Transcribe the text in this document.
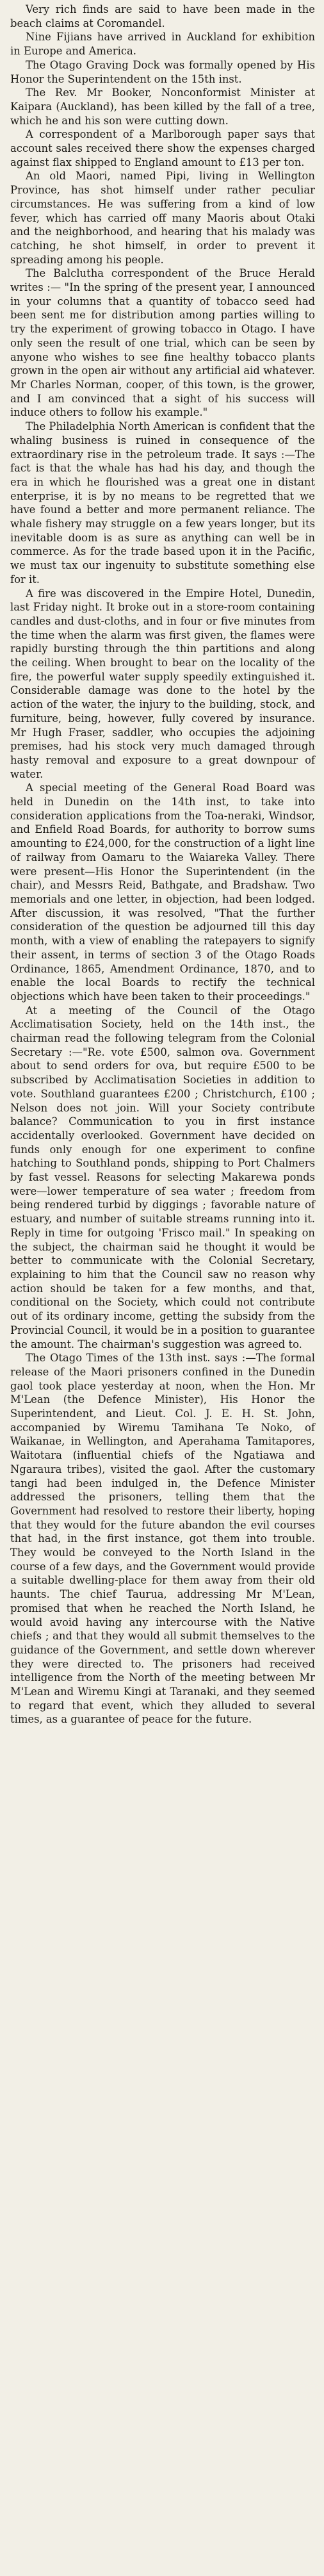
Very rich finds are said to have been made in the beach claims at Coromandel.

Nine Fijians have arrived in Auckland for exhibition in Europe and America.

The Otago Graving Dock was formally opened by His Honor the Superintendent on the 15th inst.

The Rev. Mr Booker, Nonconformist Minister at Kaipara (Auckland), has been killed by the fall of a tree, which he and his son were cutting down.

A correspondent of a Marlborough paper says that account sales received there show the expenses charged against flax shipped to England amount to £13 per ton.

An old Maori, named Pipi, living in Wellington Province, has shot himself under rather peculiar circumstances. He was suffering from a kind of low fever, which has carried off many Maoris about Otaki and the neighborhood, and hearing that his malady was catching, he shot himself, in order to prevent it spreading among his people.

The Balclutha correspondent of the Bruce Herald writes :— "In the spring of the present year, I announced in your columns that a quantity of tobacco seed had been sent me for distribution among parties willing to try the experiment of growing tobacco in Otago. I have only seen the result of one trial, which can be seen by anyone who wishes to see fine healthy tobacco plants grown in the open air without any artificial aid whatever. Mr Charles Norman, cooper, of this town, is the grower, and I am convinced that a sight of his success will induce others to follow his example."

The Philadelphia North American is confident that the whaling business is ruined in consequence of the extraordinary rise in the petroleum trade. It says :—The fact is that the whale has had his day, and though the era in which he flourished was a great one in distant enterprise, it is by no means to be regretted that we have found a better and more permanent reliance. The whale fishery may struggle on a few years longer, but its inevitable doom is as sure as anything can well be in commerce. As for the trade based upon it in the Pacific, we must tax our ingenuity to substitute something else for it.

A fire was discovered in the Empire Hotel, Dunedin, last Friday night. It broke out in a store-room containing candles and dust-cloths, and in four or five minutes from the time when the alarm was first given, the flames were rapidly bursting through the thin partitions and along the ceiling. When brought to bear on the locality of the fire, the powerful water supply speedily extinguished it. Considerable damage was done to the hotel by the action of the water, the injury to the building, stock, and furniture, being, however, fully covered by insurance. Mr Hugh Fraser, saddler, who occupies the adjoining premises, had his stock very much damaged through hasty removal and exposure to a great downpour of water.

A special meeting of the General Road Board was held in Dunedin on the 14th inst, to take into consideration applications from the Toa-neraki, Windsor, and Enfield Road Boards, for authority to borrow sums amounting to £24,000, for the construction of a light line of railway from Oamaru to the Waiareka Valley. There were present—His Honor the Superintendent (in the chair), and Messrs Reid, Bathgate, and Bradshaw. Two memorials and one letter, in objection, had been lodged. After discussion, it was resolved, "That the further consideration of the question be adjourned till this day month, with a view of enabling the ratepayers to signify their assent, in terms of section 3 of the Otago Roads Ordinance, 1865, Amendment Ordinance, 1870, and to enable the local Boards to rectify the technical objections which have been taken to their proceedings."

At a meeting of the Council of the Otago Acclimatisation Society, held on the 14th inst., the chairman read the following telegram from the Colonial Secretary :—"Re. vote £500, salmon ova. Government about to send orders for ova, but require £500 to be subscribed by Acclimatisation Societies in addition to vote. Southland guarantees £200 ; Christchurch, £100 ; Nelson does not join. Will your Society contribute balance? Communication to you in first instance accidentally overlooked. Government have decided on funds only enough for one experiment to confine hatching to Southland ponds, shipping to Port Chalmers by fast vessel. Reasons for selecting Makarewa ponds were—lower temperature of sea water ; freedom from being rendered turbid by diggings ; favorable nature of estuary, and number of suitable streams running into it. Reply in time for outgoing 'Frisco mail." In speaking on the subject, the chairman said he thought it would be better to communicate with the Colonial Secretary, explaining to him that the Council saw no reason why action should be taken for a few months, and that, conditional on the Society, which could not contribute out of its ordinary income, getting the subsidy from the Provincial Council, it would be in a position to guarantee the amount. The chairman's suggestion was agreed to.

The Otago Times of the 13th inst. says :—The formal release of the Maori prisoners confined in the Dunedin gaol took place yesterday at noon, when the Hon. Mr M'Lean (the Defence Minister), His Honor the Superintendent, and Lieut. Col. J. E. H. St. John, accompanied by Wiremu Tamihana Te Noko, of Waikanae, in Wellington, and Aperahama Tamitapores, Waitotara (influential chiefs of the Ngatiawa and Ngaraura tribes), visited the gaol. After the customary tangi had been indulged in, the Defence Minister addressed the prisoners, telling them that the Government had resolved to restore their liberty, hoping that they would for the future abandon the evil courses that had, in the first instance, got them into trouble. They would be conveyed to the North Island in the course of a few days, and the Government would provide a suitable dwelling-place for them away from their old haunts. The chief Taurua, addressing Mr M'Lean, promised that when he reached the North Island, he would avoid having any intercourse with the Native chiefs ; and that they would all submit themselves to the guidance of the Government, and settle down wherever they were directed to. The prisoners had received intelligence from the North of the meeting between Mr M'Lean and Wiremu Kingi at Taranaki, and they seemed to regard that event, which they alluded to several times, as a guarantee of peace for the future.
